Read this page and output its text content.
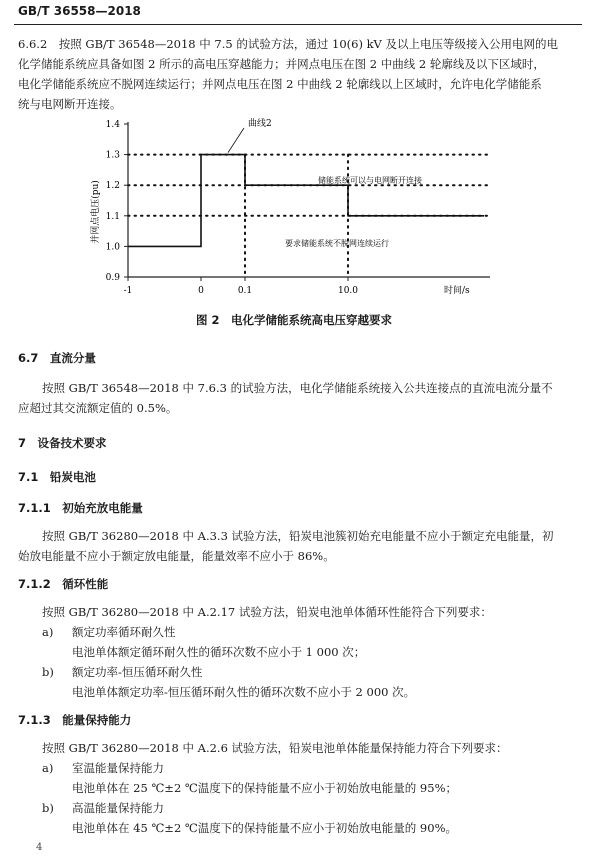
GB/T 36558—2018
6.6.2　按照 GB/T 36548—2018 中 7.5 的试验方法，通过 10(6) kV 及以上电压等级接入公用电网的电
化学储能系统应具备如图 2 所示的高电压穿越能力；并网点电压在图 2 中曲线 2 轮廓线及以下区域时，
电化学储能系统应不脱网连续运行；并网点电压在图 2 中曲线 2 轮廓线以上区域时，允许电化学储能系
统与电网断开连接。
0.9
1.0
1.1
1.2
1.3
1.4
-1	0	0.1	10.0
并网点电压(pu)
时间/s
曲线2
储能系统可以与电网断开连接
要求储能系统不脱网连续运行
图 2　电化学储能系统高电压穿越要求
6.7　直流分量
按照 GB/T 36548—2018 中 7.6.3 的试验方法，电化学储能系统接入公共连接点的直流电流分量不
应超过其交流额定值的 0.5%。
7　设备技术要求
7.1　铅炭电池
7.1.1　初始充放电能量
按照 GB/T 36280—2018 中 A.3.3 试验方法，铅炭电池簇初始充电能量不应小于额定充电能量，初
始放电能量不应小于额定放电能量，能量效率不应小于 86%。
7.1.2　循环性能
按照 GB/T 36280—2018 中 A.2.17 试验方法，铅炭电池单体循环性能符合下列要求：
a) 额定功率循环耐久性
电池单体额定循环耐久性的循环次数不应小于 1 000 次；
b) 额定功率-恒压循环耐久性
电池单体额定功率-恒压循环耐久性的循环次数不应小于 2 000 次。
7.1.3　能量保持能力
按照 GB/T 36280—2018 中 A.2.6 试验方法，铅炭电池单体能量保持能力符合下列要求：
a) 室温能量保持能力
电池单体在 25 ℃±2 ℃温度下的保持能量不应小于初始放电能量的 95%；
b) 高温能量保持能力
电池单体在 45 ℃±2 ℃温度下的保持能量不应小于初始放电能量的 90%。
4
